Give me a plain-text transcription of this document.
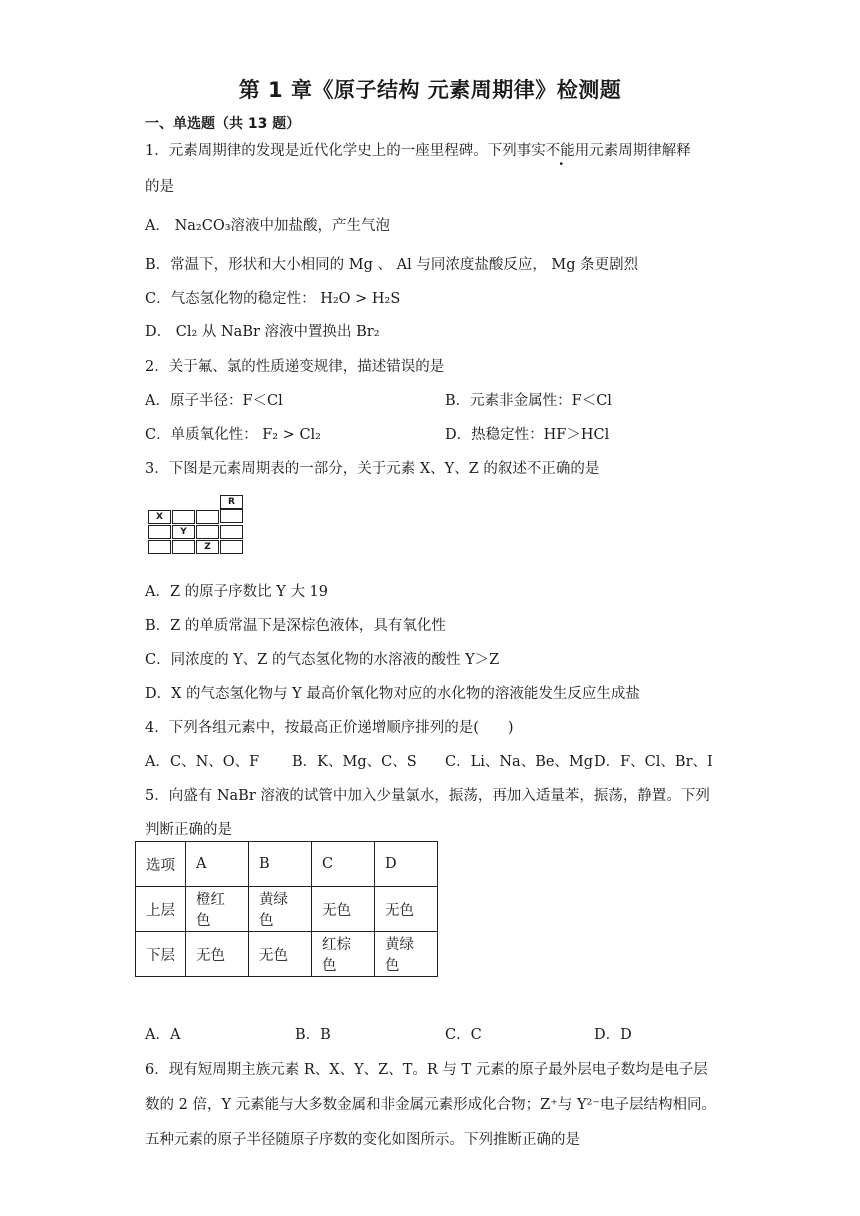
第 1 章《原子结构 元素周期律》检测题
一、单选题（共 13 题）
1．元素周期律的发现是近代化学史上的一座里程碑。下列事实不能用元素周期律解释
的是
A． Na₂CO₃溶液中加盐酸，产生气泡
B．常温下，形状和大小相同的 Mg 、 Al 与同浓度盐酸反应， Mg 条更剧烈
C．气态氢化物的稳定性： H₂O > H₂S
D． Cl₂ 从 NaBr 溶液中置换出 Br₂
2．关于氟、氯的性质递变规律，描述错误的是
A．原子半径：F＜Cl	B．元素非金属性：F＜Cl
C．单质氧化性： F₂ > Cl₂	D．热稳定性：HF＞HCl
3．下图是元素周期表的一部分，关于元素 X、Y、Z 的叙述不正确的是
R
X
Y
Z
A．Z 的原子序数比 Y 大 19
B．Z 的单质常温下是深棕色液体，具有氧化性
C．同浓度的 Y、Z 的气态氢化物的水溶液的酸性 Y＞Z
D．X 的气态氢化物与 Y 最高价氧化物对应的水化物的溶液能发生反应生成盐
4．下列各组元素中，按最高正价递增顺序排列的是(　　)
A．C、N、O、F B．K、Mg、C、S C．Li、Na、Be、Mg D．F、Cl、Br、I
5．向盛有 NaBr 溶液的试管中加入少量氯水，振荡，再加入适量苯，振荡，静置。下列
判断正确的是
选项	A	B	C	D
上层	橙红色	黄绿色	无色	无色
下层	无色	无色	红棕色	黄绿色
A．A	B．B	C．C	D．D
6．现有短周期主族元素 R、X、Y、Z、T。R 与 T 元素的原子最外层电子数均是电子层
数的 2 倍，Y 元素能与大多数金属和非金属元素形成化合物；Z⁺与 Y²⁻电子层结构相同。
五种元素的原子半径随原子序数的变化如图所示。下列推断正确的是
